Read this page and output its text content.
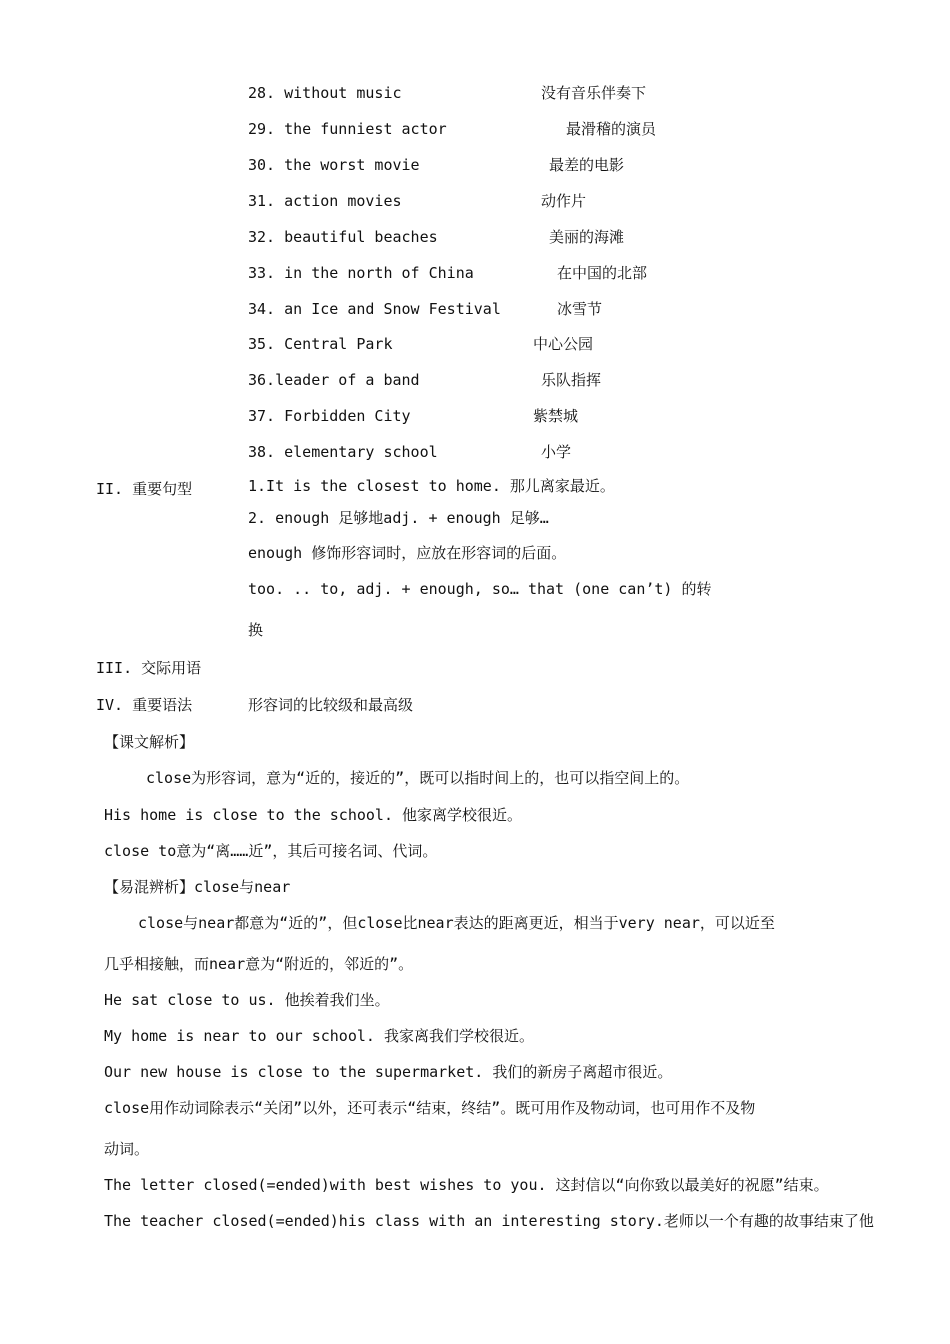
28. without music	没有音乐伴奏下
29. the funniest actor	最滑稽的演员
30. the worst movie	最差的电影
31. action movies	动作片
32. beautiful beaches	美丽的海滩
33. in the north of China	在中国的北部
34. an Ice and Snow Festival	冰雪节
35. Central Park	中心公园
36.leader of a band	乐队指挥
37. Forbidden City	紫禁城
38. elementary school	小学
II. 重要句型	1.It is the closest to home. 那儿离家最近。
2. enough 足够地adj. + enough 足够…
enough 修饰形容词时，应放在形容词的后面。
too. .. to, adj. + enough, so… that (one can’t) 的转
换
III. 交际用语
IV. 重要语法	形容词的比较级和最高级
【课文解析】
close为形容词，意为“近的，接近的”，既可以指时间上的，也可以指空间上的。
His home is close to the school. 他家离学校很近。
close to意为“离……近”，其后可接名词、代词。
【易混辨析】close与near
close与near都意为“近的”，但close比near表达的距离更近，相当于very near，可以近至
几乎相接触，而near意为“附近的，邻近的”。
He sat close to us. 他挨着我们坐。
My home is near to our school. 我家离我们学校很近。
Our new house is close to the supermarket. 我们的新房子离超市很近。
close用作动词除表示“关闭”以外，还可表示“结束，终结”。既可用作及物动词，也可用作不及物
动词。
The letter closed(=ended)with best wishes to you. 这封信以“向你致以最美好的祝愿”结束。
The teacher closed(=ended)his class with an interesting story.老师以一个有趣的故事结束了他
